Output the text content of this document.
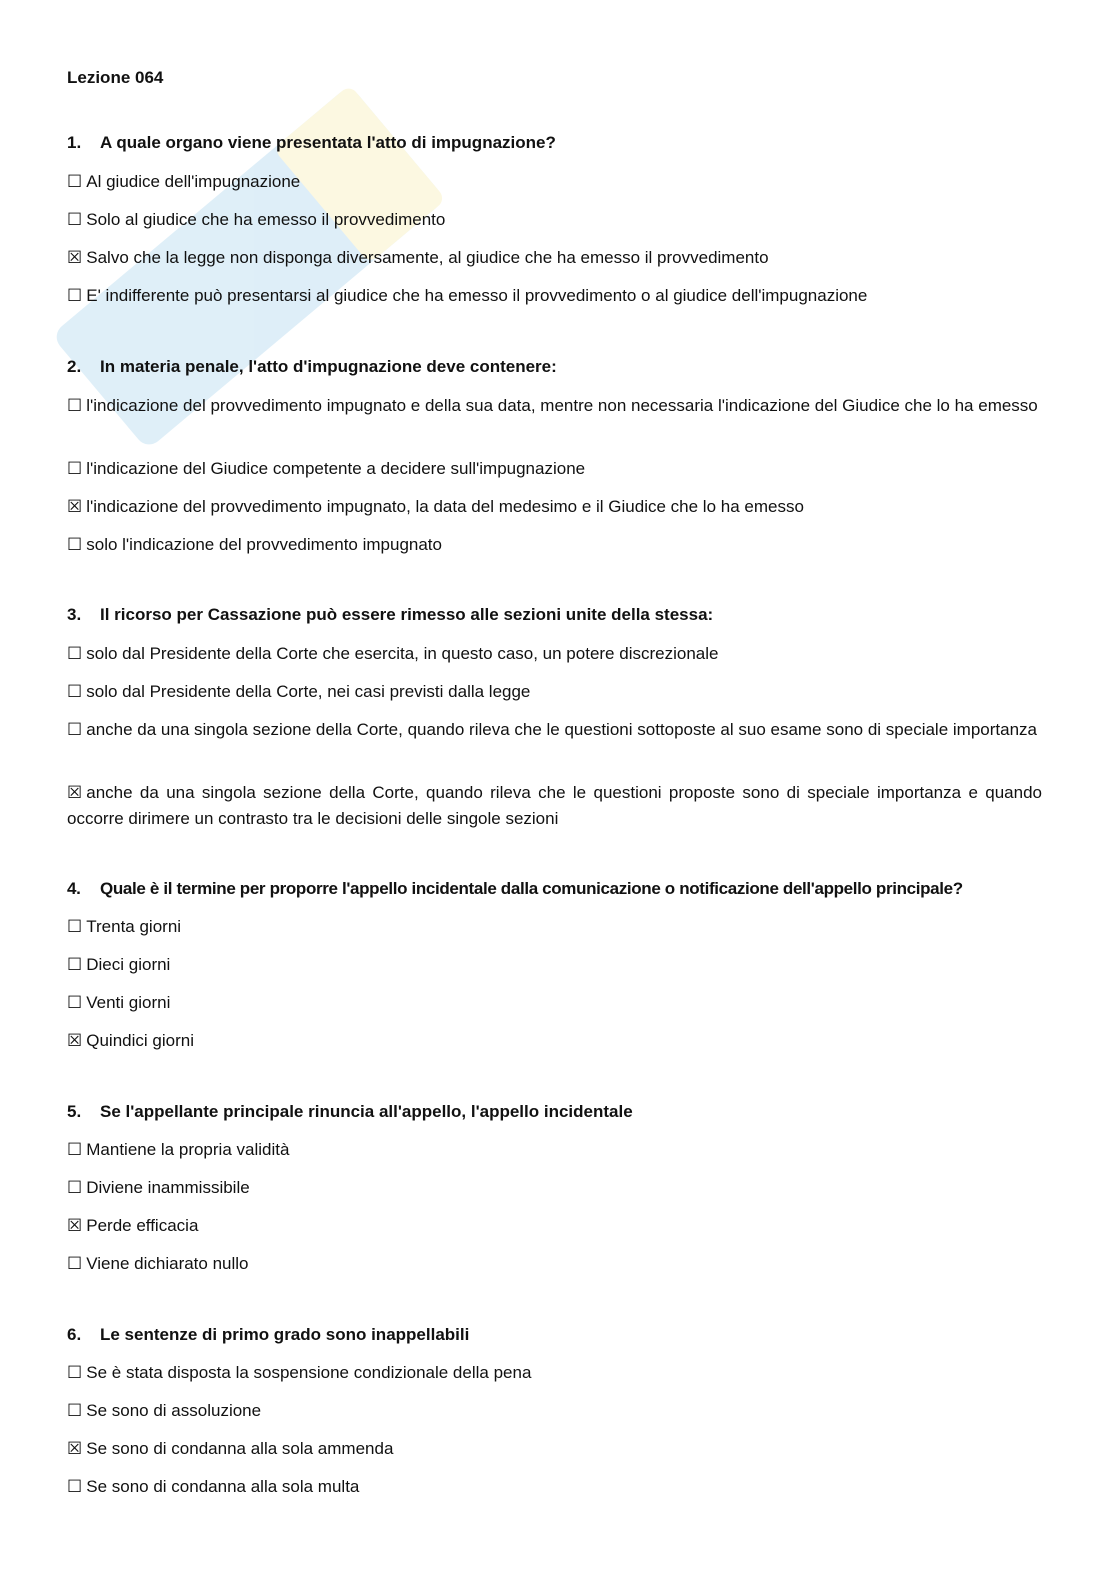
Lezione 064

1. A quale organo viene presentata l'atto di impugnazione?

☐ Al giudice dell'impugnazione

☐ Solo al giudice che ha emesso il provvedimento

☒ Salvo che la legge non disponga diversamente, al giudice che ha emesso il provvedimento

☐ E' indifferente può presentarsi al giudice che ha emesso il provvedimento o al giudice dell'impugnazione

2. In materia penale, l'atto d'impugnazione deve contenere:

☐ l'indicazione del provvedimento impugnato e della sua data, mentre non necessaria l'indicazione del Giudice che lo ha emesso

☐ l'indicazione del Giudice competente a decidere sull'impugnazione

☒ l'indicazione del provvedimento impugnato, la data del medesimo e il Giudice che lo ha emesso

☐ solo l'indicazione del provvedimento impugnato

3. Il ricorso per Cassazione può essere rimesso alle sezioni unite della stessa:

☐ solo dal Presidente della Corte che esercita, in questo caso, un potere discrezionale

☐ solo dal Presidente della Corte, nei casi previsti dalla legge

☐ anche da una singola sezione della Corte, quando rileva che le questioni sottoposte al suo esame sono di speciale importanza

☒ anche da una singola sezione della Corte, quando rileva che le questioni proposte sono di speciale importanza e quando occorre dirimere un contrasto tra le decisioni delle singole sezioni

4. Quale è il termine per proporre l'appello incidentale dalla comunicazione o notificazione dell'appello principale?

☐ Trenta giorni

☐ Dieci giorni

☐ Venti giorni

☒ Quindici giorni

5. Se l'appellante principale rinuncia all'appello, l'appello incidentale

☐ Mantiene la propria validità

☐ Diviene inammissibile

☒ Perde efficacia

☐ Viene dichiarato nullo

6. Le sentenze di primo grado sono inappellabili

☐ Se è stata disposta la sospensione condizionale della pena

☐ Se sono di assoluzione

☒ Se sono di condanna alla sola ammenda

☐ Se sono di condanna alla sola multa
